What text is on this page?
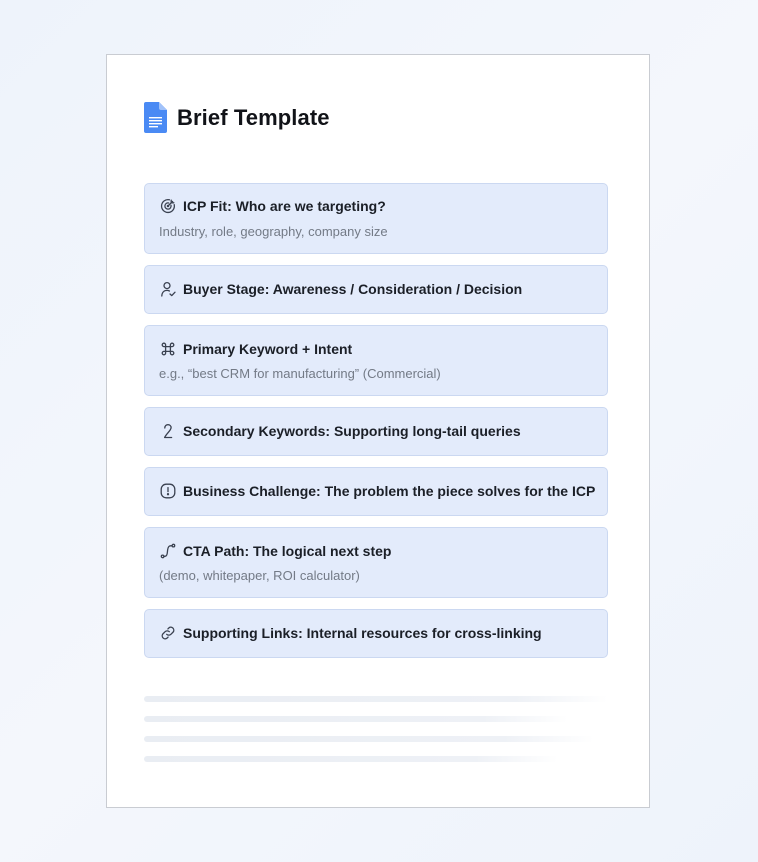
Brief Template
ICP Fit: Who are we targeting?
Industry, role, geography, company size
Buyer Stage: Awareness / Consideration / Decision
Primary Keyword + Intent
e.g., “best CRM for manufacturing” (Commercial)
Secondary Keywords: Supporting long-tail queries
Business Challenge: The problem the piece solves for the ICP
CTA Path: The logical next step
(demo, whitepaper, ROI calculator)
Supporting Links: Internal resources for cross-linking
